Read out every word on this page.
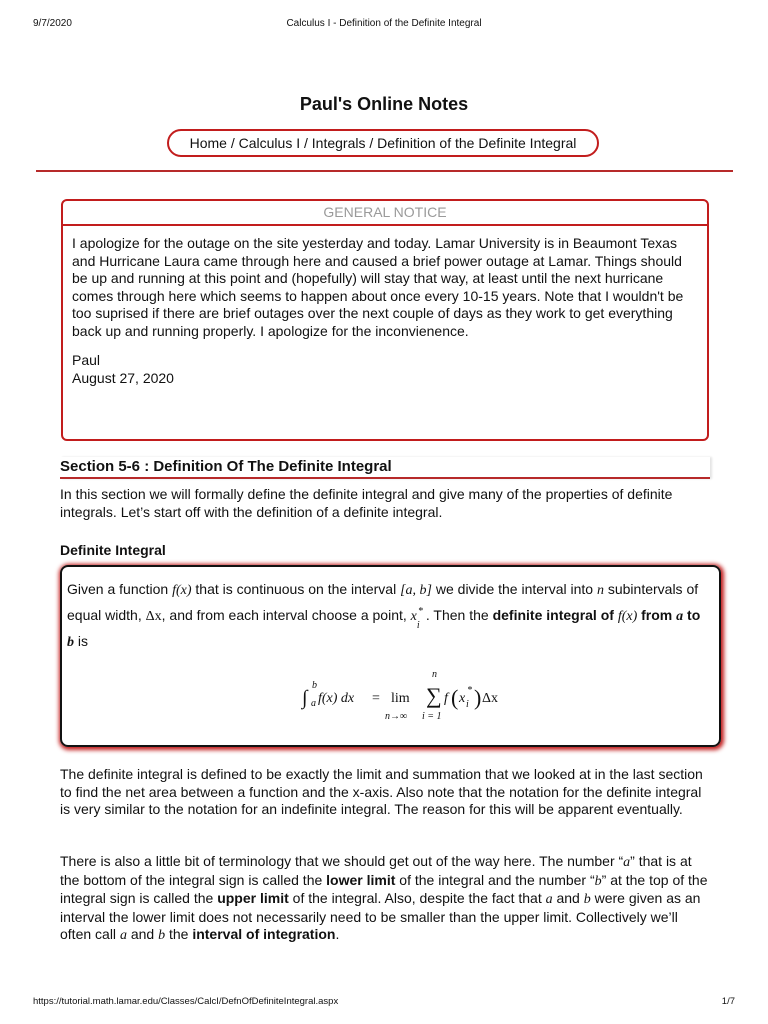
9/7/2020	Calculus I - Definition of the Definite Integral
Paul's Online Notes
Home / Calculus I / Integrals / Definition of the Definite Integral
GENERAL NOTICE

I apologize for the outage on the site yesterday and today. Lamar University is in Beaumont Texas and Hurricane Laura came through here and caused a brief power outage at Lamar. Things should be up and running at this point and (hopefully) will stay that way, at least until the next hurricane comes through here which seems to happen about once every 10-15 years. Note that I wouldn't be too suprised if there are brief outages over the next couple of days as they work to get everything back up and running properly. I apologize for the inconvienence.

Paul
August 27, 2020
Section 5-6 : Definition Of The Definite Integral

In this section we will formally define the definite integral and give many of the properties of definite integrals. Let’s start off with the definition of a definite integral.

Definite Integral
Given a function f(x) that is continuous on the interval [a, b] we divide the interval into n subintervals of equal width, Δx, and from each interval choose a point, x *
i
. Then the definite integral of f(x) from a to b is
∫
b
a f(x) dx = lim
n→∞
n
∑
i = 1
f ( x
*
i ) Δx

The definite integral is defined to be exactly the limit and summation that we looked at in the last section to find the net area between a function and the x-axis. Also note that the notation for the definite integral is very similar to the notation for an indefinite integral. The reason for this will be apparent eventually.

There is also a little bit of terminology that we should get out of the way here. The number “a” that is at the bottom of the integral sign is called the lower limit of the integral and the number “b” at the top of the integral sign is called the upper limit of the integral. Also, despite the fact that a and b were given as an interval the lower limit does not necessarily need to be smaller than the upper limit. Collectively we’ll often call a and b the interval of integration.

https://tutorial.math.lamar.edu/Classes/CalcI/DefnOfDefiniteIntegral.aspx	1/7
